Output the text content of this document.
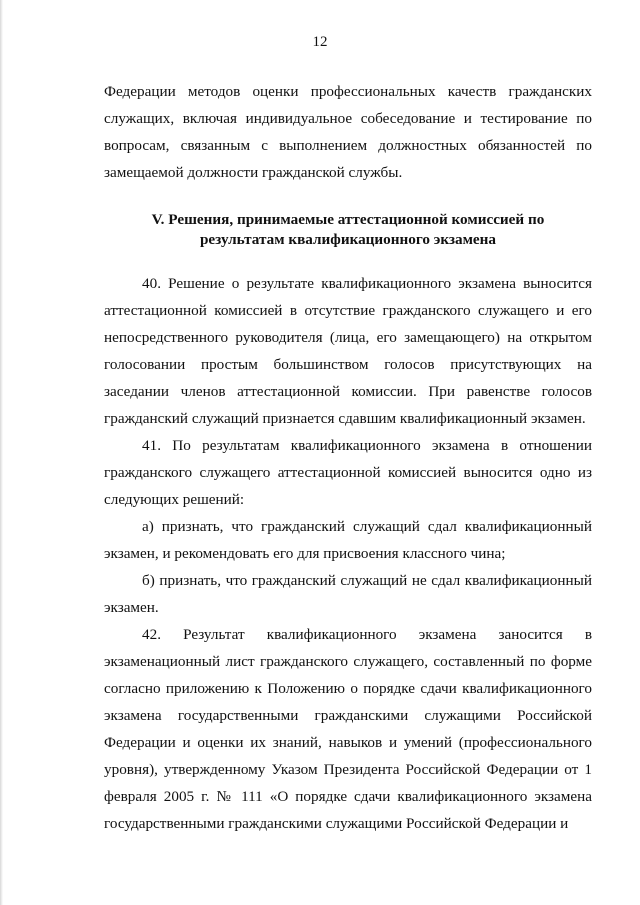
12

Федерации методов оценки профессиональных качеств гражданских служащих, включая индивидуальное собеседование и тестирование по вопросам, связанным с выполнением должностных обязанностей по замещаемой должности гражданской службы.

V. Решения, принимаемые аттестационной комиссией по
результатам квалификационного экзамена

40. Решение о результате квалификационного экзамена выносится аттестационной комиссией в отсутствие гражданского служащего и его непосредственного руководителя (лица, его замещающего) на открытом голосовании простым большинством голосов присутствующих на заседании членов аттестационной комиссии. При равенстве голосов гражданский служащий признается сдавшим квалификационный экзамен.

41. По результатам квалификационного экзамена в отношении гражданского служащего аттестационной комиссией выносится одно из следующих решений:

а) признать, что гражданский служащий сдал квалификационный экзамен, и рекомендовать его для присвоения классного чина;

б) признать, что гражданский служащий не сдал квалификационный экзамен.

42. Результат квалификационного экзамена заносится в экзаменационный лист гражданского служащего, составленный по форме согласно приложению к Положению о порядке сдачи квалификационного экзамена государственными гражданскими служащими Российской Федерации и оценки их знаний, навыков и умений (профессионального уровня), утвержденному Указом Президента Российской Федерации от 1 февраля 2005 г. № 111 «О порядке сдачи квалификационного экзамена государственными гражданскими служащими Российской Федерации и
